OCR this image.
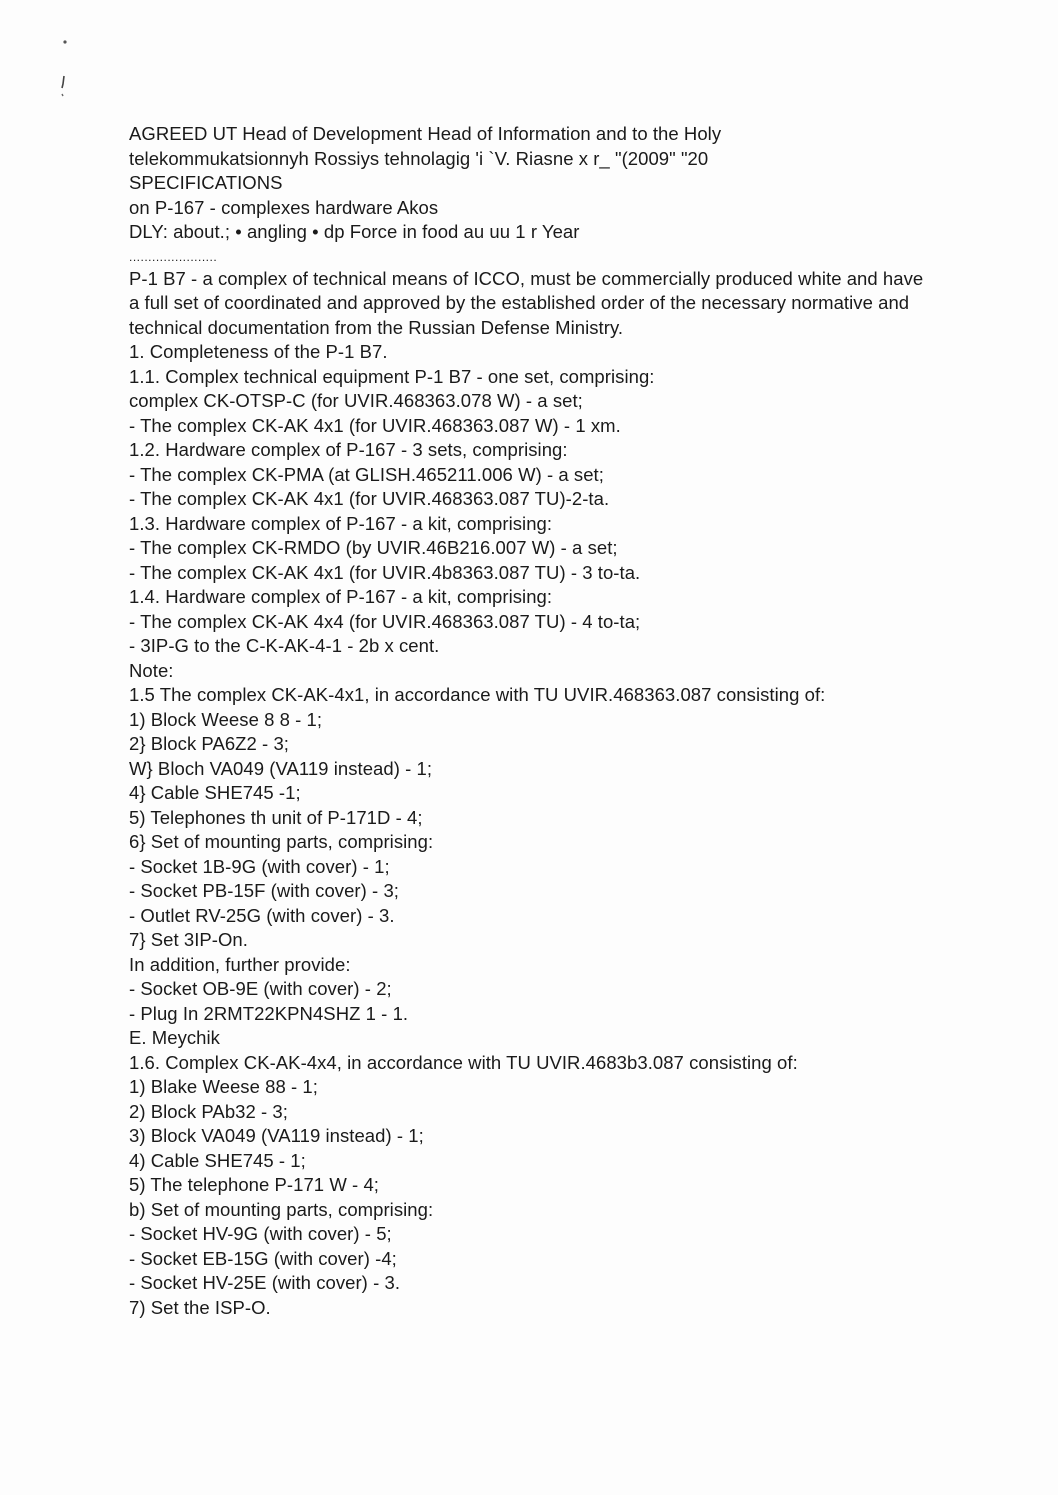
AGREED UT Head of Development Head of Information and to the Holy

telekommukatsionnyh Rossiys tehnolagig 'i `V. Riasne x r_ "(2009" "20

SPECIFICATIONS

on P-167 - complexes hardware Akos

DLY: about.; • angling • dp Force in food au uu 1 r Year

.......................

P-1 B7 - a complex of technical means of ICCO, must be commercially produced white and have a full set of coordinated and approved by the established order of the necessary normative and technical documentation from the Russian Defense Ministry.

1. Completeness of the P-1 B7.

1.1. Complex technical equipment P-1 B7 - one set, comprising:

complex CK-OTSP-C (for UVIR.468363.078 W) - a set;

- The complex CK-AK 4x1 (for UVIR.468363.087 W) - 1 xm.

1.2. Hardware complex of P-167 - 3 sets, comprising:

- The complex CK-PMA (at GLISH.465211.006 W) - a set;

- The complex CK-AK 4x1 (for UVIR.468363.087 TU)-2-ta.

1.3. Hardware complex of P-167 - a kit, comprising:

- The complex CK-RMDO (by UVIR.46B216.007 W) - a set;

- The complex CK-AK 4x1 (for UVIR.4b8363.087 TU) - 3 to-ta.

1.4. Hardware complex of P-167 - a kit, comprising:

- The complex CK-AK 4x4 (for UVIR.468363.087 TU) - 4 to-ta;

- 3IP-G to the C-K-AK-4-1 - 2b x cent.

Note:

1.5 The complex CK-AK-4x1, in accordance with TU UVIR.468363.087 consisting of:

1) Block Weese 8 8 - 1;

2} Block PA6Z2 - 3;

W} Bloch VA049 (VA119 instead) - 1;

4} Cable SHE745 -1;

5) Telephones th unit of P-171D - 4;

6} Set of mounting parts, comprising:

- Socket 1B-9G (with cover) - 1;

- Socket PB-15F (with cover) - 3;

- Outlet RV-25G (with cover) - 3.

7} Set 3IP-On.

In addition, further provide:

- Socket OB-9E (with cover) - 2;

- Plug In 2RMT22KPN4SHZ 1 - 1.

E. Meychik

1.6. Complex CK-AK-4x4, in accordance with TU UVIR.4683b3.087 consisting of:

1) Blake Weese 88 - 1;

2) Block PAb32 - 3;

3) Block VA049 (VA119 instead) - 1;

4) Cable SHE745 - 1;

5) The telephone P-171 W - 4;

b) Set of mounting parts, comprising:

- Socket HV-9G (with cover) - 5;

- Socket EB-15G (with cover) -4;

- Socket HV-25E (with cover) - 3.

7) Set the ISP-O.
